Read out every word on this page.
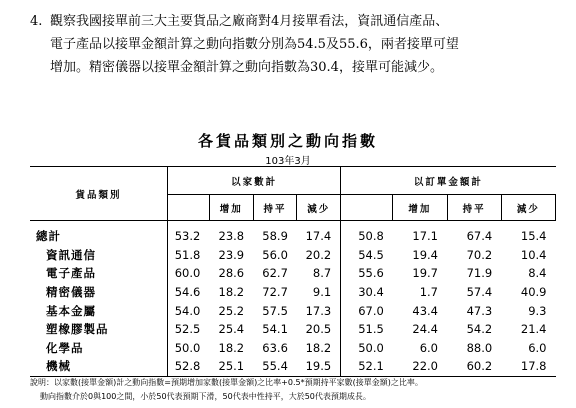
4. 觀察我國接單前三大主要貨品之廠商對4月接單看法，資訊通信產品、
電子產品以接單金額計算之動向指數分別為54.5及55.6，兩者接單可望
增加。精密儀器以接單金額計算之動向指數為30.4，接單可能減少。
各貨品類別之動向指數
103年3月
貨品類別	以家數計				以訂單金額計			
		增加	持平	減少		增加	持平	減少
總計	53.2	23.8	58.9	17.4	50.8	17.1	67.4	15.4
資訊通信	51.8	23.9	56.0	20.2	54.5	19.4	70.2	10.4
電子產品	60.0	28.6	62.7	8.7	55.6	19.7	71.9	8.4
精密儀器	54.6	18.2	72.7	9.1	30.4	1.7	57.4	40.9
基本金屬	54.0	25.2	57.5	17.3	67.0	43.4	47.3	9.3
塑橡膠製品	52.5	25.4	54.1	20.5	51.5	24.4	54.2	21.4
化學品	50.0	18.2	63.6	18.2	50.0	6.0	88.0	6.0
機械	52.8	25.1	55.4	19.5	52.1	22.0	60.2	17.8
說明：以家數(接單金額)計之動向指數=預期增加家數(接單金額)之比率+0.5*預期持平家數(接單金額)之比率。
動向指數介於0與100之間，小於50代表預期下滑，50代表中性持平，大於50代表預期成長。
